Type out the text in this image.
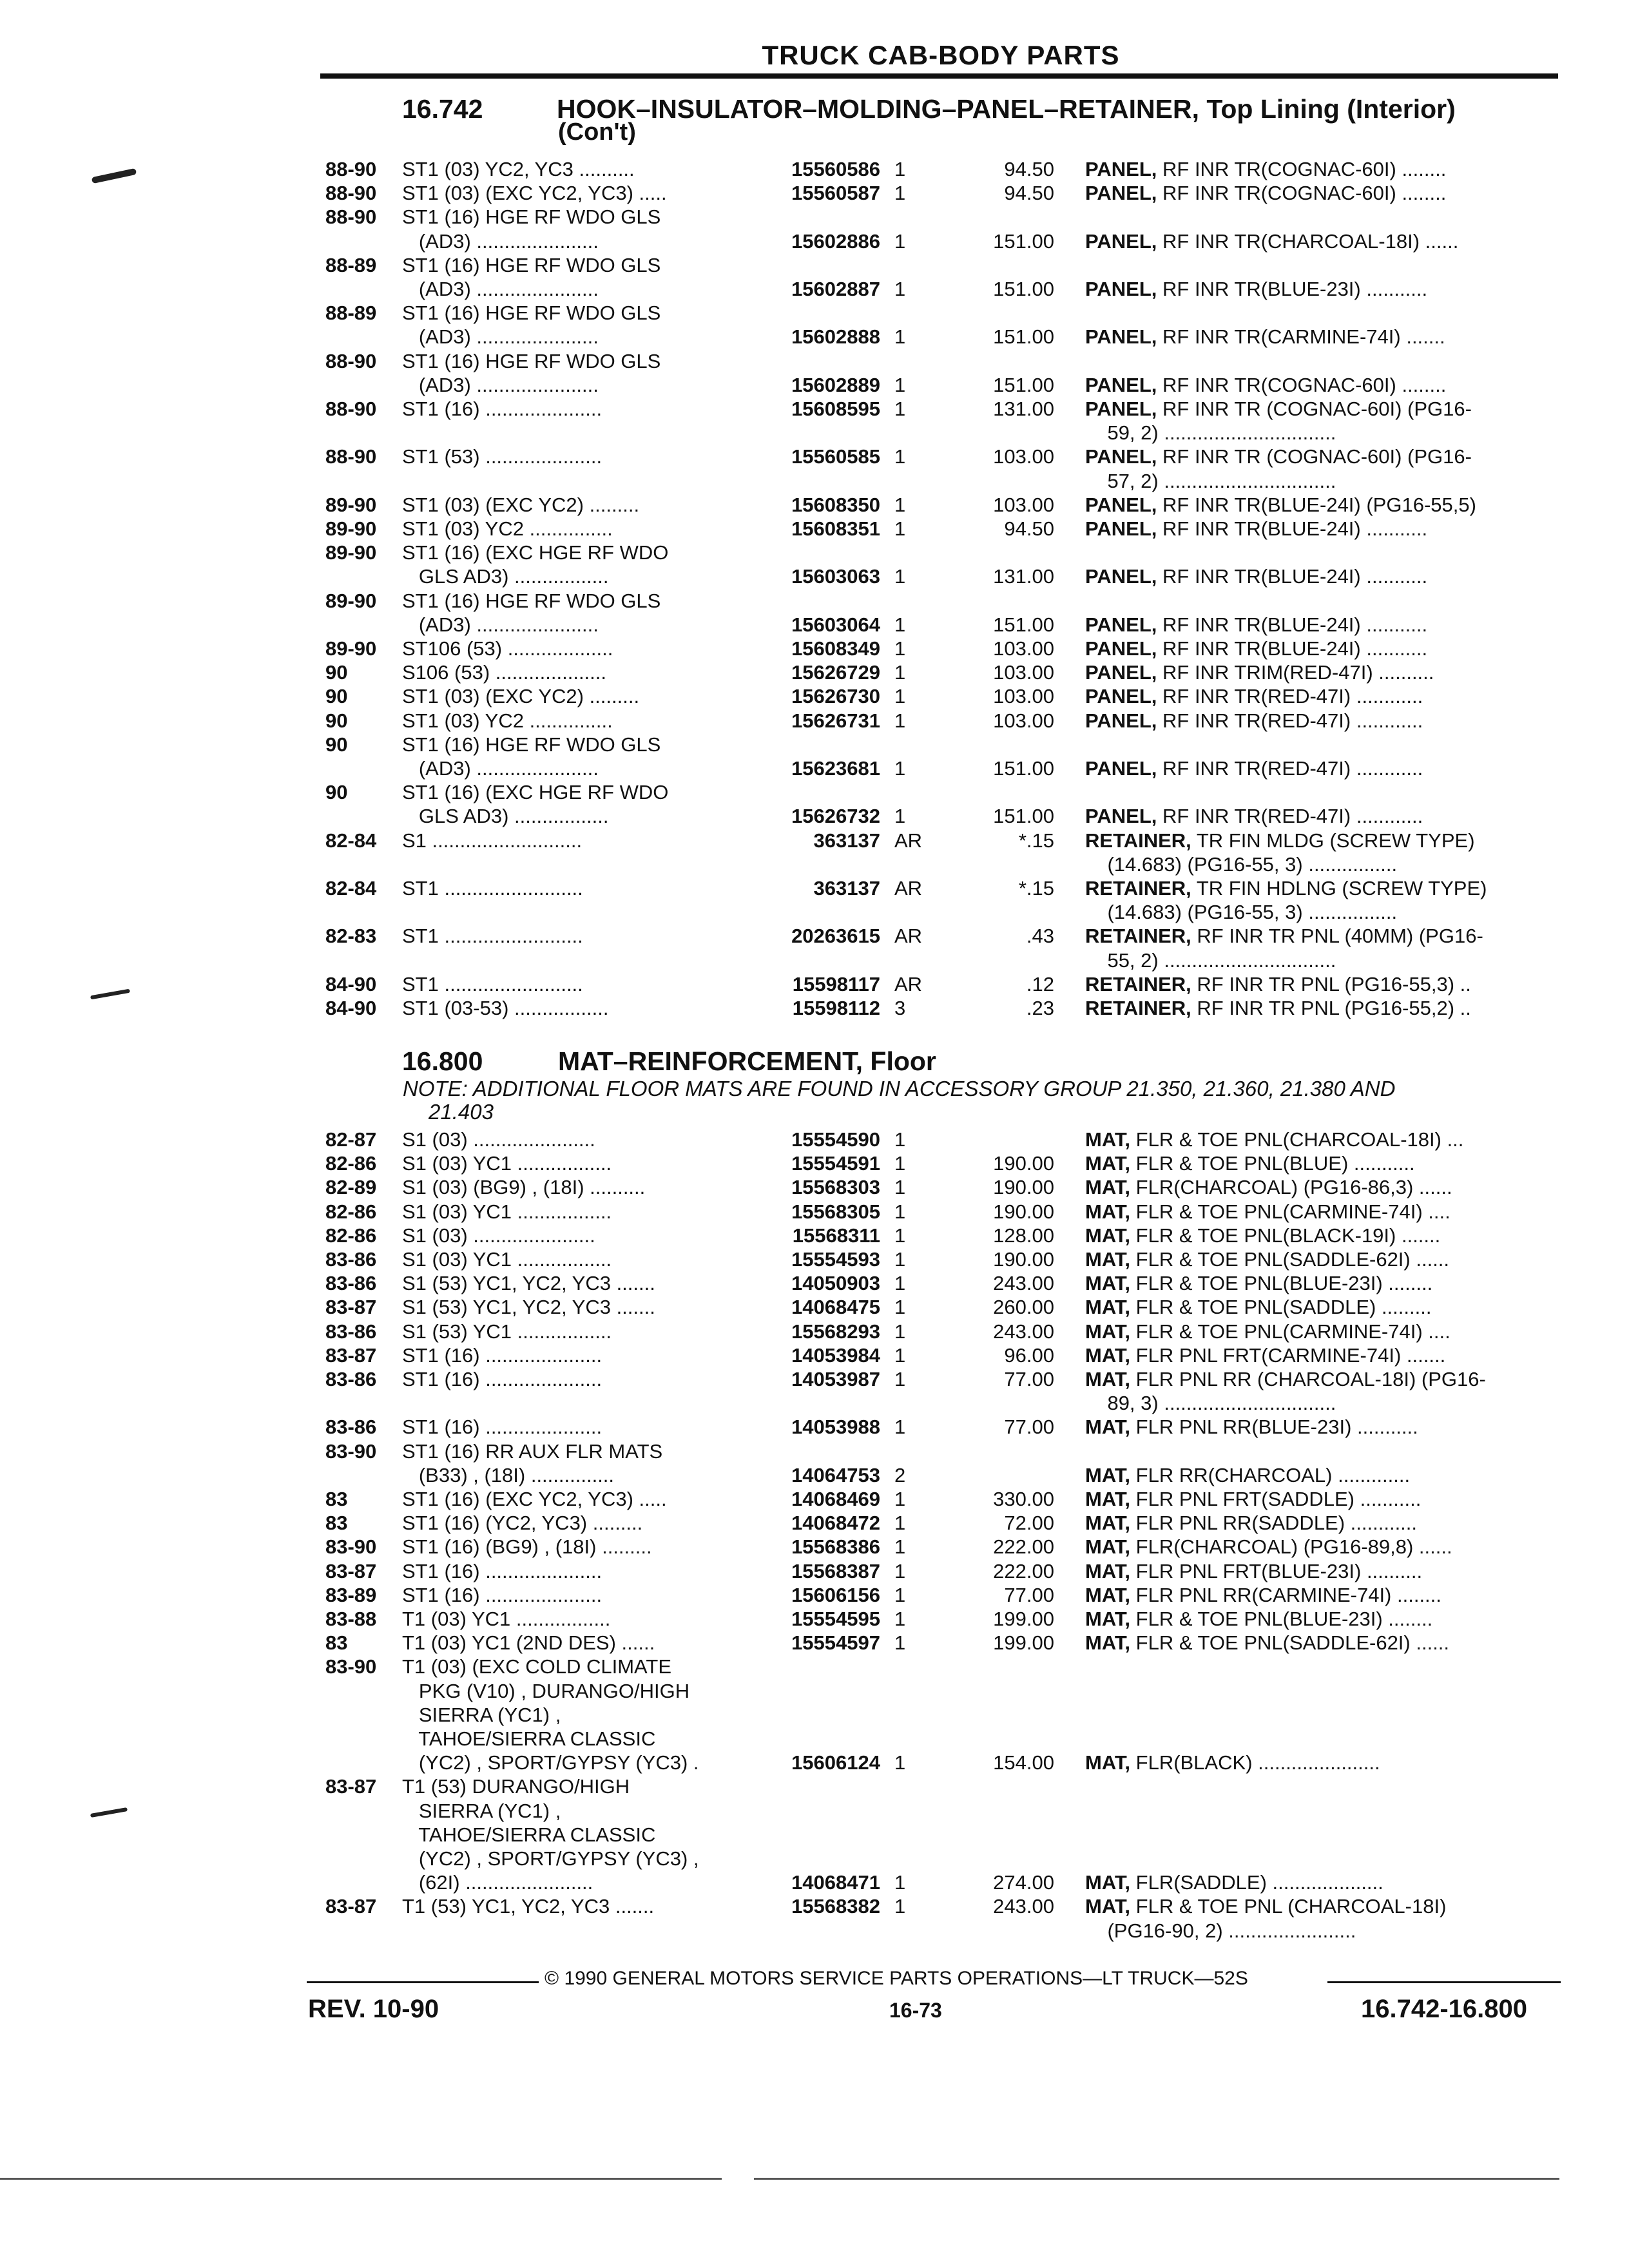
TRUCK CAB-BODY PARTS
16.742	HOOK–INSULATOR–MOLDING–PANEL–RETAINER, Top Lining (Interior)
(Con't)
88-90 ST1 (03) YC2, YC3 ..........	15560586 1	94.50 PANEL, RF INR TR(COGNAC-60I) ........
88-90 ST1 (03) (EXC YC2, YC3) .....	15560587 1	94.50 PANEL, RF INR TR(COGNAC-60I) ........
88-90 ST1 (16) HGE RF WDO GLS
(AD3) ......................	15602886 1	151.00 PANEL, RF INR TR(CHARCOAL-18I) ......
88-89 ST1 (16) HGE RF WDO GLS
(AD3) ......................	15602887 1	151.00 PANEL, RF INR TR(BLUE-23I) ...........
88-89 ST1 (16) HGE RF WDO GLS
(AD3) ......................	15602888 1	151.00 PANEL, RF INR TR(CARMINE-74I) .......
88-90 ST1 (16) HGE RF WDO GLS
(AD3) ......................	15602889 1	151.00 PANEL, RF INR TR(COGNAC-60I) ........
88-90 ST1 (16) .....................	15608595 1	131.00 PANEL, RF INR TR (COGNAC-60I) (PG16-
59, 2) ...............................
88-90 ST1 (53) .....................	15560585 1	103.00 PANEL, RF INR TR (COGNAC-60I) (PG16-
57, 2) ...............................
89-90 ST1 (03) (EXC YC2) .........	15608350 1	103.00 PANEL, RF INR TR(BLUE-24I) (PG16-55,5)
89-90 ST1 (03) YC2 ...............	15608351 1	94.50 PANEL, RF INR TR(BLUE-24I) ...........
89-90 ST1 (16) (EXC HGE RF WDO
GLS AD3) .................	15603063 1	131.00 PANEL, RF INR TR(BLUE-24I) ...........
89-90 ST1 (16) HGE RF WDO GLS
(AD3) ......................	15603064 1	151.00 PANEL, RF INR TR(BLUE-24I) ...........
89-90 ST106 (53) ...................	15608349 1	103.00 PANEL, RF INR TR(BLUE-24I) ...........
90	S106 (53) ....................	15626729 1	103.00 PANEL, RF INR TRIM(RED-47I) ..........
90	ST1 (03) (EXC YC2) .........	15626730 1	103.00 PANEL, RF INR TR(RED-47I) ............
90	ST1 (03) YC2 ...............	15626731 1	103.00 PANEL, RF INR TR(RED-47I) ............
90	ST1 (16) HGE RF WDO GLS
(AD3) ......................	15623681 1	151.00 PANEL, RF INR TR(RED-47I) ............
90	ST1 (16) (EXC HGE RF WDO
GLS AD3) .................	15626732 1	151.00 PANEL, RF INR TR(RED-47I) ............
82-84 S1 ...........................	363137 AR	*.15 RETAINER, TR FIN MLDG (SCREW TYPE)
(14.683) (PG16-55, 3) ................
82-84 ST1 .........................	363137 AR	*.15 RETAINER, TR FIN HDLNG (SCREW TYPE)
(14.683) (PG16-55, 3) ................
82-83 ST1 .........................	20263615 AR	.43 RETAINER, RF INR TR PNL (40MM) (PG16-
55, 2) ...............................
84-90 ST1 .........................	15598117 AR	.12 RETAINER, RF INR TR PNL (PG16-55,3) ..
84-90 ST1 (03-53) .................	15598112 3	.23 RETAINER, RF INR TR PNL (PG16-55,2) ..
16.800	MAT–REINFORCEMENT, Floor
NOTE: ADDITIONAL FLOOR MATS ARE FOUND IN ACCESSORY GROUP 21.350, 21.360, 21.380 AND
21.403
82-87 S1 (03) ......................	15554590 1	MAT, FLR & TOE PNL(CHARCOAL-18I) ...
82-86 S1 (03) YC1 .................	15554591 1	190.00 MAT, FLR & TOE PNL(BLUE) ...........
82-89 S1 (03) (BG9) , (18I) ..........	15568303 1	190.00 MAT, FLR(CHARCOAL) (PG16-86,3) ......
82-86 S1 (03) YC1 .................	15568305 1	190.00 MAT, FLR & TOE PNL(CARMINE-74I) ....
82-86 S1 (03) ......................	15568311 1	128.00 MAT, FLR & TOE PNL(BLACK-19I) .......
83-86 S1 (03) YC1 .................	15554593 1	190.00 MAT, FLR & TOE PNL(SADDLE-62I) ......
83-86 S1 (53) YC1, YC2, YC3 .......	14050903 1	243.00 MAT, FLR & TOE PNL(BLUE-23I) ........
83-87 S1 (53) YC1, YC2, YC3 .......	14068475 1	260.00 MAT, FLR & TOE PNL(SADDLE) .........
83-86 S1 (53) YC1 .................	15568293 1	243.00 MAT, FLR & TOE PNL(CARMINE-74I) ....
83-87 ST1 (16) .....................	14053984 1	96.00 MAT, FLR PNL FRT(CARMINE-74I) .......
83-86 ST1 (16) .....................	14053987 1	77.00 MAT, FLR PNL RR (CHARCOAL-18I) (PG16-
89, 3) ...............................
83-86 ST1 (16) .....................	14053988 1	77.00 MAT, FLR PNL RR(BLUE-23I) ...........
83-90 ST1 (16) RR AUX FLR MATS
(B33) , (18I) ...............	14064753 2	MAT, FLR RR(CHARCOAL) .............
83	ST1 (16) (EXC YC2, YC3) .....	14068469 1	330.00 MAT, FLR PNL FRT(SADDLE) ...........
83	ST1 (16) (YC2, YC3) .........	14068472 1	72.00 MAT, FLR PNL RR(SADDLE) ............
83-90 ST1 (16) (BG9) , (18I) .........	15568386 1	222.00 MAT, FLR(CHARCOAL) (PG16-89,8) ......
83-87 ST1 (16) .....................	15568387 1	222.00 MAT, FLR PNL FRT(BLUE-23I) ..........
83-89 ST1 (16) .....................	15606156 1	77.00 MAT, FLR PNL RR(CARMINE-74I) ........
83-88 T1 (03) YC1 .................	15554595 1	199.00 MAT, FLR & TOE PNL(BLUE-23I) ........
83	T1 (03) YC1 (2ND DES) ......	15554597 1	199.00 MAT, FLR & TOE PNL(SADDLE-62I) ......
83-90 T1 (03) (EXC COLD CLIMATE
PKG (V10) , DURANGO/HIGH
SIERRA (YC1) ,
TAHOE/SIERRA CLASSIC
(YC2) , SPORT/GYPSY (YC3) .	15606124 1	154.00 MAT, FLR(BLACK) ......................
83-87 T1 (53) DURANGO/HIGH
SIERRA (YC1) ,
TAHOE/SIERRA CLASSIC
(YC2) , SPORT/GYPSY (YC3) ,
(62I) .......................	14068471 1	274.00 MAT, FLR(SADDLE) ....................
83-87 T1 (53) YC1, YC2, YC3 .......	15568382 1	243.00 MAT, FLR & TOE PNL (CHARCOAL-18I)
(PG16-90, 2) .......................
© 1990 GENERAL MOTORS SERVICE PARTS OPERATIONS—LT TRUCK—52S
REV. 10-90	16-73	16.742-16.800
